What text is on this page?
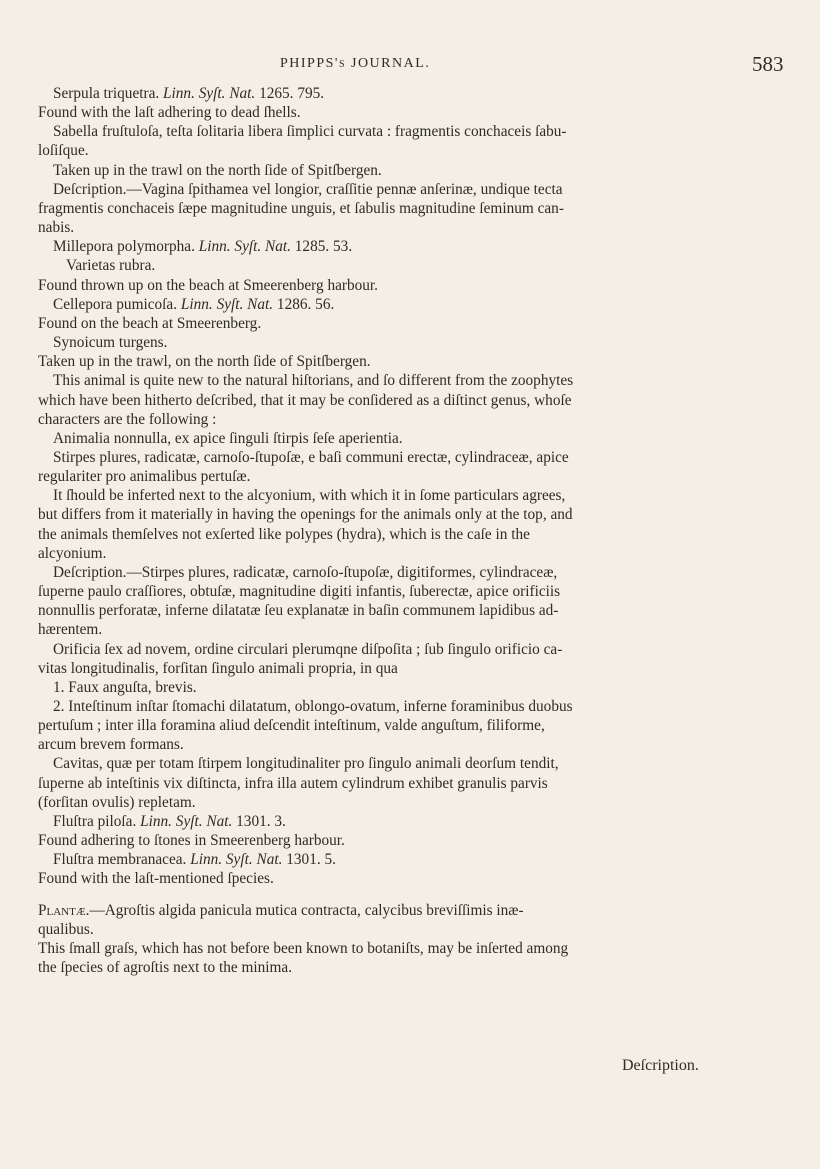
PHIPPS's JOURNAL.	583
Serpula triquetra. Linn. Syſt. Nat. 1265. 795.
Found with the laſt adhering to dead ſhells.
Sabella fruſtuloſa, teſta ſolitaria libera ſimplici curvata : fragmentis conchaceis ſabu-
loſiſque.
Taken up in the trawl on the north ſide of Spitſbergen.
Deſcription.—Vagina ſpithamea vel longior, craſſitie pennæ anſerinæ, undique tecta
fragmentis conchaceis ſæpe magnitudine unguis, et ſabulis magnitudine ſeminum can-
nabis.
Millepora polymorpha. Linn. Syſt. Nat. 1285. 53.
Varietas rubra.
Found thrown up on the beach at Smeerenberg harbour.
Cellepora pumicoſa. Linn. Syſt. Nat. 1286. 56.
Found on the beach at Smeerenberg.
Synoicum turgens.
Taken up in the trawl, on the north ſide of Spitſbergen.
This animal is quite new to the natural hiſtorians, and ſo different from the zoophytes
which have been hitherto deſcribed, that it may be conſidered as a diſtinct genus, whoſe
characters are the following :
Animalia nonnulla, ex apice ſinguli ſtirpis ſeſe aperientia.
Stirpes plures, radicatæ, carnoſo-ſtupoſæ, e baſi communi erectæ, cylindraceæ, apice
regulariter pro animalibus pertuſæ.
It ſhould be inferted next to the alcyonium, with which it in ſome particulars agrees,
but differs from it materially in having the openings for the animals only at the top, and
the animals themſelves not exſerted like polypes (hydra), which is the caſe in the
alcyonium.
Deſcription.—Stirpes plures, radicatæ, carnoſo-ſtupoſæ, digitiformes, cylindraceæ,
ſuperne paulo craſſiores, obtuſæ, magnitudine digiti infantis, ſuberectæ, apice orificiis
nonnullis perforatæ, inferne dilatatæ ſeu explanatæ in baſin communem lapidibus ad-
hærentem.
Orificia ſex ad novem, ordine circulari plerumqne diſpoſita ; ſub ſingulo orificio ca-
vitas longitudinalis, forſitan ſingulo animali propria, in qua
1. Faux anguſta, brevis.
2. Inteſtinum inſtar ſtomachi dilatatum, oblongo-ovatum, inferne foraminibus duobus
pertuſum ; inter illa foramina aliud deſcendit inteſtinum, valde anguſtum, filiforme,
arcum brevem formans.
Cavitas, quæ per totam ſtirpem longitudinaliter pro ſingulo animali deorſum tendit,
ſuperne ab inteſtinis vix diſtincta, infra illa autem cylindrum exhibet granulis parvis
(forſitan ovulis) repletam.
Fluſtra piloſa. Linn. Syſt. Nat. 1301. 3.
Found adhering to ſtones in Smeerenberg harbour.
Fluſtra membranacea. Linn. Syſt. Nat. 1301. 5.
Found with the laſt-mentioned ſpecies.
Plantæ.—Agroſtis algida panicula mutica contracta, calycibus breviſſimis inæ-
qualibus.
This ſmall graſs, which has not before been known to botaniſts, may be inſerted among
the ſpecies of agroſtis next to the minima.
Deſcription.
